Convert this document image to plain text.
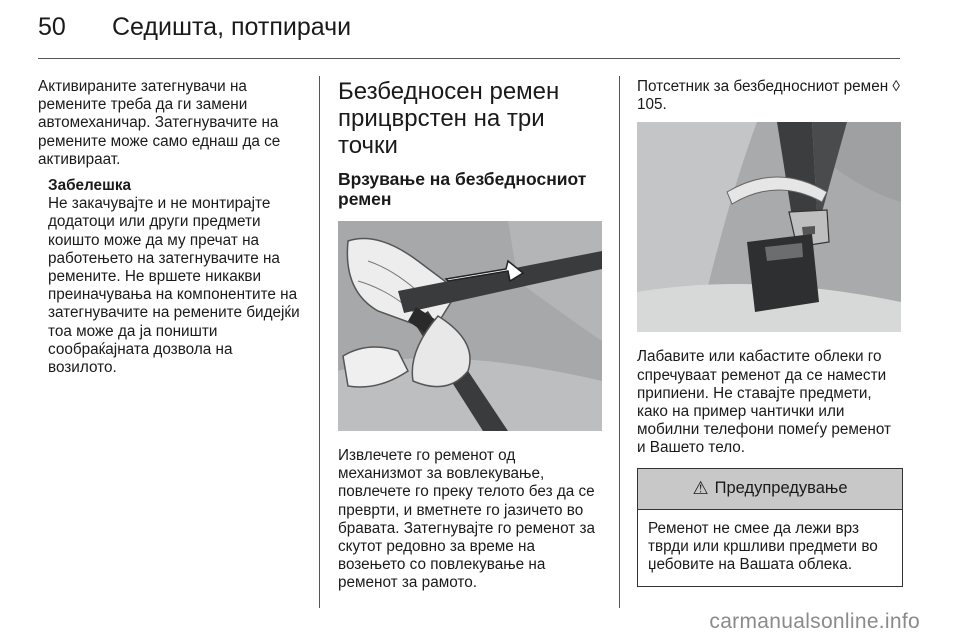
50 Седишта, потпирачи

Активираните затегнувачи на ремените треба да ги замени автомеханичар. Затегнувачите на ремените може само еднаш да се активираат.

Забелешка

Не закачувајте и не монтирајте додатоци или други предмети коишто може да му пречат на работењето на затегнувачите на ремените. Не вршете никакви преиначувања на компонентите на затегнувачите на ремените бидејќи тоа може да ја поништи сообраќајната дозвола на возилото.

Безбедносен ремен прицврстен на три точки
Врзување на безбедносниот ремен

Извлечете го ременот од механизмот за вовлекување, повлечете го преку телото без да се преврти, и вметнете го јазичето во бравата. Затегнувајте го ременот за скутот редовно за време на возењето со повлекување на ременот за рамото.

Потсетник за безбедносниот ремен ◊ 105.

Лабавите или кабастите облеки го спречуваат ременот да се намести припиени. Не ставајте предмети, како на пример чантички или мобилни телефони помеѓу ременот и Вашето тело.

⚠ Предупредување
Ременот не смее да лежи врз тврди или кршливи предмети во џебовите на Вашата облека.
carmanualsonline.info
